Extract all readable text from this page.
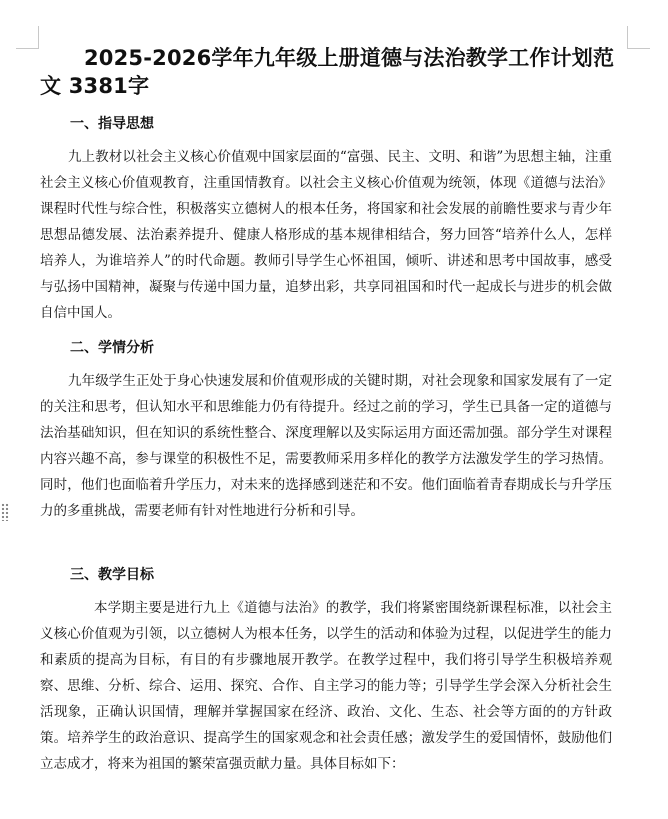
2025-2026学年九年级上册道德与法治教学工作计划范文 3381字
一、指导思想

九上教材以社会主义核心价值观中国家层面的“富强、民主、文明、和谐”为思想主轴，注重社会主义核心价值观教育，注重国情教育。以社会主义核心价值观为统领，体现《道德与法治》课程时代性与综合性，积极落实立德树人的根本任务，将国家和社会发展的前瞻性要求与青少年思想品德发展、法治素养提升、健康人格形成的基本规律相结合，努力回答“培养什么人，怎样培养人，为谁培养人”的时代命题。教师引导学生心怀祖国，倾听、讲述和思考中国故事，感受与弘扬中国精神，凝聚与传递中国力量，追梦出彩，共享同祖国和时代一起成长与进步的机会做自信中国人。

二、学情分析

九年级学生正处于身心快速发展和价值观形成的关键时期，对社会现象和国家发展有了一定的关注和思考，但认知水平和思维能力仍有待提升。经过之前的学习，学生已具备一定的道德与法治基础知识，但在知识的系统性整合、深度理解以及实际运用方面还需加强。部分学生对课程内容兴趣不高，参与课堂的积极性不足，需要教师采用多样化的教学方法激发学生的学习热情。同时，他们也面临着升学压力，对未来的选择感到迷茫和不安。他们面临着青春期成长与升学压力的多重挑战，需要老师有针对性地进行分析和引导。

三、教学目标

本学期主要是进行九上《道德与法治》的教学，我们将紧密围绕新课程标准，以社会主义核心价值观为引领，以立德树人为根本任务，以学生的活动和体验为过程，以促进学生的能力和素质的提高为目标，有目的有步骤地展开教学。在教学过程中，我们将引导学生积极培养观察、思维、分析、综合、运用、探究、合作、自主学习的能力等；引导学生学会深入分析社会生活现象，正确认识国情，理解并掌握国家在经济、政治、文化、生态、社会等方面的的方针政策。培养学生的政治意识、提高学生的国家观念和社会责任感；激发学生的爱国情怀，鼓励他们立志成才，将来为祖国的繁荣富强贡献力量。具体目标如下：
